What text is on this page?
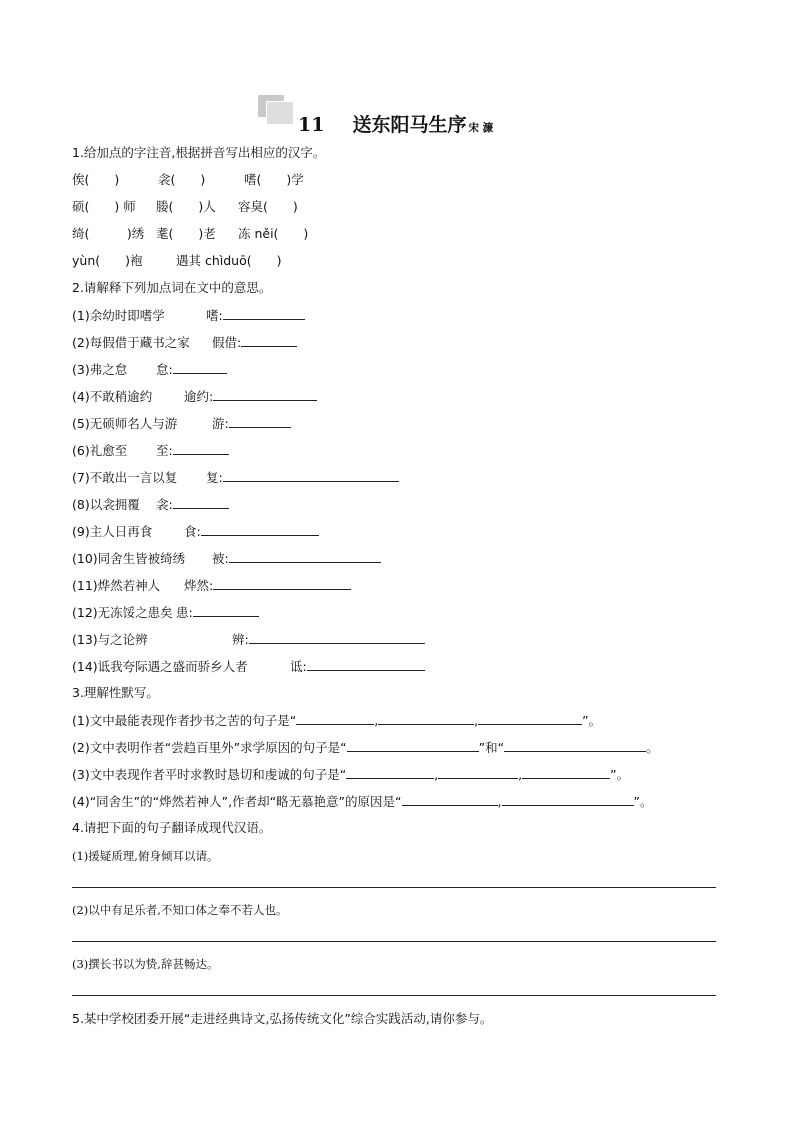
11 送东阳马生序 宋 濂
1.给加点的字注音,根据拼音写出相应的汉字。
俟(　　)	衾(　　)	嗜(　　)学
硕(　　) 师 媵(　　)人 容臭(　　)
绮(　　　)绣 耄(　　)老 冻 něi(　　)
yùn(　　)袍	遇其 chìduō(　　)
2.请解释下列加点词在文中的意思。
(1)余幼时即嗜学	嗜:
(2)每假借于藏书之家 假借:
(3)弗之怠 怠:
(4)不敢稍逾约	逾约:
(5)无硕师名人与游	游:
(6)礼愈至 至:
(7)不敢出一言以复 复:
(8)以衾拥覆 衾:
(9)主人日再食	食:
(10)同舍生皆被绮绣 被:
(11)烨然若神人 烨然:
(12)无冻馁之患矣 患:
(13)与之论辨	辨:
(14)诋我夸际遇之盛而骄乡人者	诋:
3.理解性默写。
(1)文中最能表现作者抄书之苦的句子是“	,	,	”。
(2)文中表明作者“尝趋百里外”求学原因的句子是“	”和“	。
(3)文中表现作者平时求教时恳切和虔诚的句子是“	,	,	”。
(4)“同舍生”的“烨然若神人”,作者却“略无慕艳意”的原因是“	,	”。
4.请把下面的句子翻译成现代汉语。
(1)援疑质理,俯身倾耳以请。
(2)以中有足乐者,不知口体之奉不若人也。
(3)撰长书以为贽,辞甚畅达。
5.某中学校团委开展“走进经典诗文,弘扬传统文化”综合实践活动,请你参与。
